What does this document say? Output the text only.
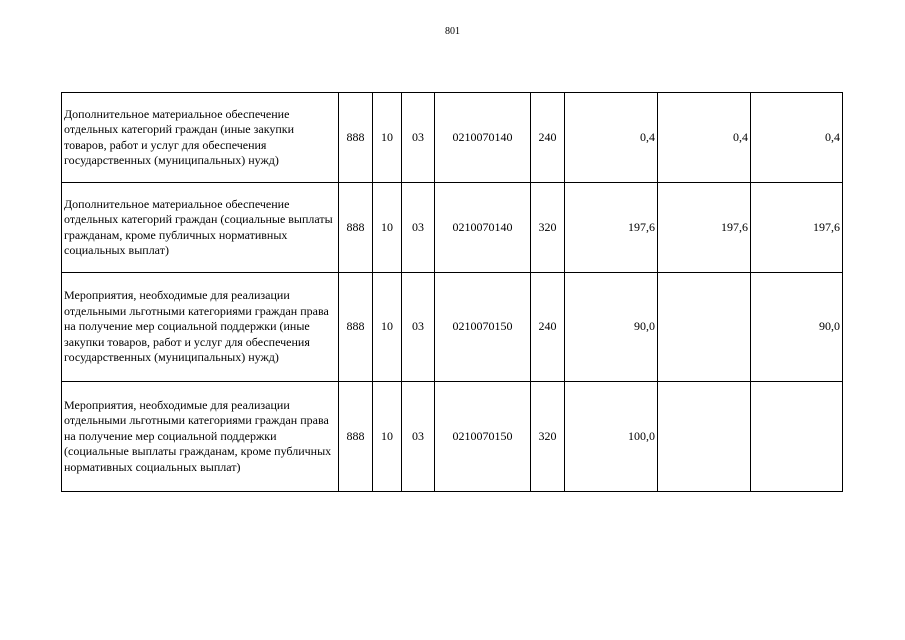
801
Дополнительное материальное обеспечение отдельных категорий граждан (иные закупки товаров, работ и услуг для обеспечения государственных (муниципальных) нужд)	888	10	03	0210070140	240	0,4	0,4	0,4
Дополнительное материальное обеспечение отдельных категорий граждан (социальные выплаты гражданам, кроме публичных нормативных социальных выплат)	888	10	03	0210070140	320	197,6	197,6	197,6
Мероприятия, необходимые для реализации отдельными льготными категориями граждан права на получение мер социальной поддержки (иные закупки товаров, работ и услуг для обеспечения государственных (муниципальных) нужд)	888	10	03	0210070150	240	90,0		90,0
Мероприятия, необходимые для реализации отдельными льготными категориями граждан права на получение мер социальной поддержки (социальные выплаты гражданам, кроме публичных нормативных социальных выплат)	888	10	03	0210070150	320	100,0		
